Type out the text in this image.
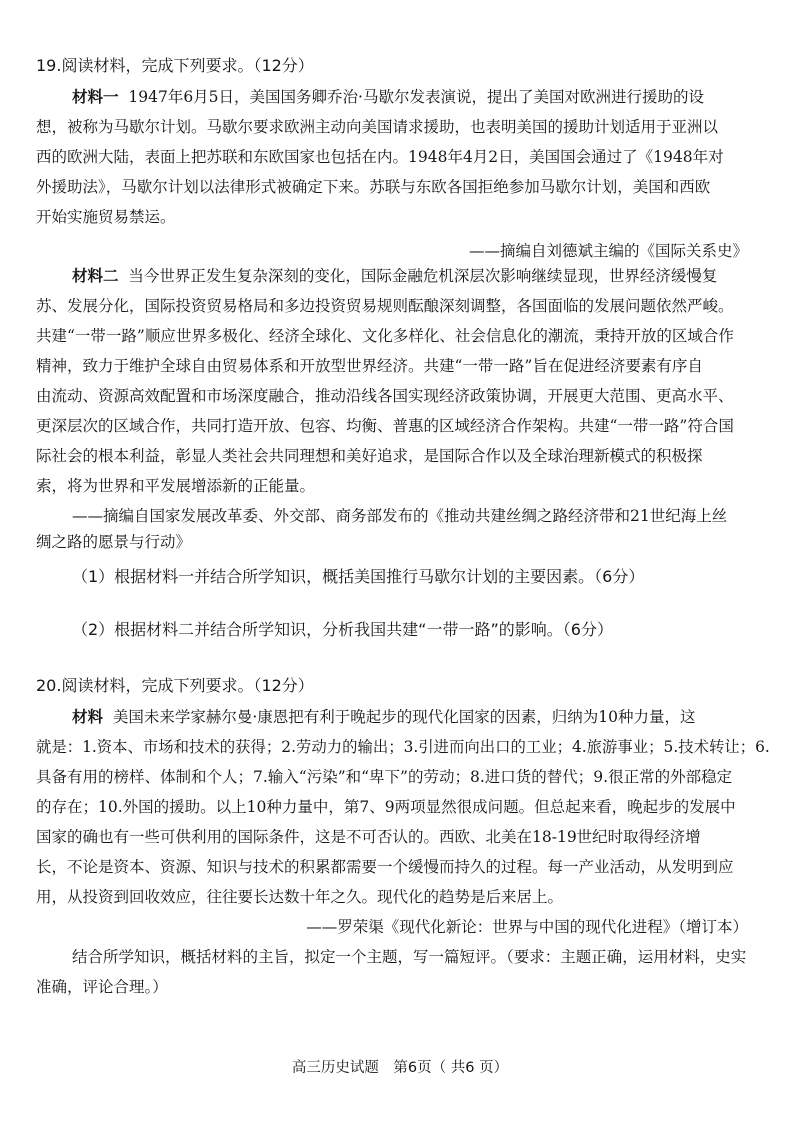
19.阅读材料，完成下列要求。（12分）
材料一 1947年6月5日，美国国务卿乔治·马歇尔发表演说，提出了美国对欧洲进行援助的设
想，被称为马歇尔计划。马歇尔要求欧洲主动向美国请求援助，也表明美国的援助计划适用于亚洲以
西的欧洲大陆，表面上把苏联和东欧国家也包括在内。1948年4月2日，美国国会通过了《1948年对
外援助法》，马歇尔计划以法律形式被确定下来。苏联与东欧各国拒绝参加马歇尔计划，美国和西欧
开始实施贸易禁运。
——摘编自刘德斌主编的《国际关系史》
材料二 当今世界正发生复杂深刻的变化，国际金融危机深层次影响继续显现，世界经济缓慢复
苏、发展分化，国际投资贸易格局和多边投资贸易规则酝酿深刻调整，各国面临的发展问题依然严峻。
共建“一带一路”顺应世界多极化、经济全球化、文化多样化、社会信息化的潮流，秉持开放的区域合作
精神，致力于维护全球自由贸易体系和开放型世界经济。共建“一带一路”旨在促进经济要素有序自
由流动、资源高效配置和市场深度融合，推动沿线各国实现经济政策协调，开展更大范围、更高水平、
更深层次的区域合作，共同打造开放、包容、均衡、普惠的区域经济合作架构。共建“一带一路”符合国
际社会的根本利益，彰显人类社会共同理想和美好追求，是国际合作以及全球治理新模式的积极探
索，将为世界和平发展增添新的正能量。
——摘编自国家发展改革委、外交部、商务部发布的《推动共建丝绸之路经济带和21世纪海上丝
绸之路的愿景与行动》
（1）根据材料一并结合所学知识，概括美国推行马歇尔计划的主要因素。（6分）
（2）根据材料二并结合所学知识，分析我国共建“一带一路”的影响。（6分）
20.阅读材料，完成下列要求。（12分）
材料 美国未来学家赫尔曼·康恩把有利于晚起步的现代化国家的因素，归纳为10种力量，这
就是：1.资本、市场和技术的获得；2.劳动力的输出；3.引进而向出口的工业；4.旅游事业；5.技术转让；6.
具备有用的榜样、体制和个人；7.输入“污染”和“卑下”的劳动；8.进口货的替代；9.很正常的外部稳定
的存在；10.外国的援助。以上10种力量中，第7、9两项显然很成问题。但总起来看，晚起步的发展中
国家的确也有一些可供利用的国际条件，这是不可否认的。西欧、北美在18-19世纪时取得经济增
长，不论是资本、资源、知识与技术的积累都需要一个缓慢而持久的过程。每一产业活动，从发明到应
用，从投资到回收效应，往往要长达数十年之久。现代化的趋势是后来居上。
——罗荣渠《现代化新论：世界与中国的现代化进程》（增订本）
结合所学知识，概括材料的主旨，拟定一个主题，写一篇短评。（要求：主题正确，运用材料，史实
准确，评论合理。）
高三历史试题　第6页（ 共6 页）
